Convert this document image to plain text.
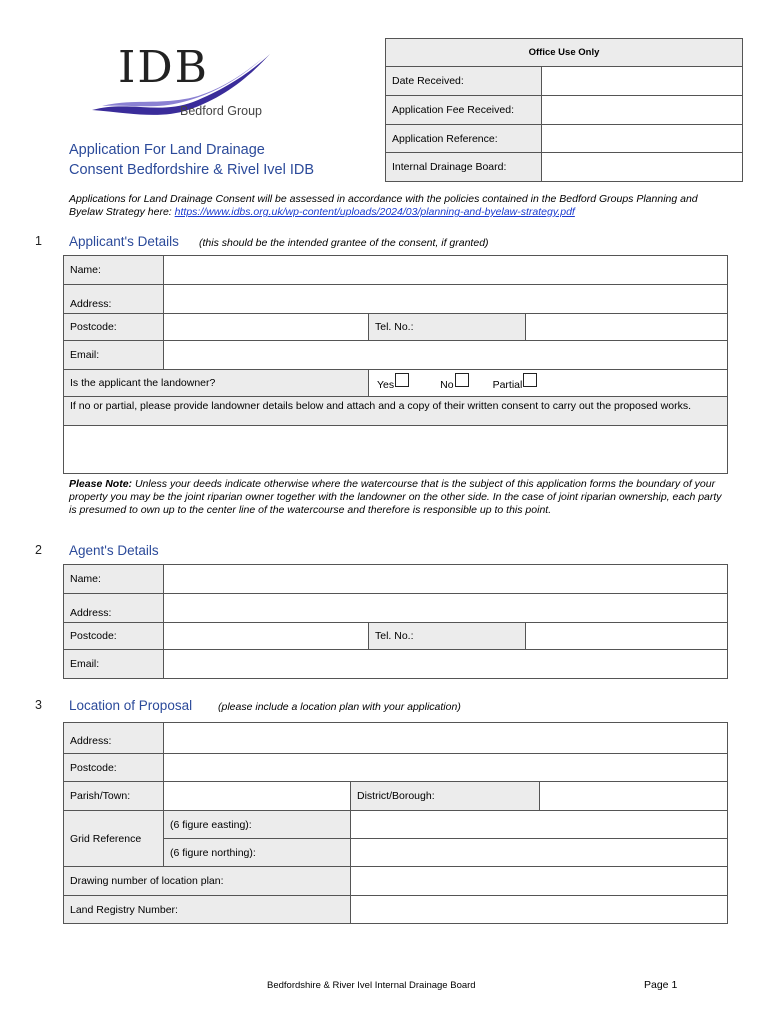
IDB
Bedford Group
Application For Land Drainage
Consent Bedfordshire & Rivel Ivel IDB
Office Use Only
Date Received:
Application Fee Received:
Application Reference:
Internal Drainage Board:
Applications for Land Drainage Consent will be assessed in accordance with the policies contained in the Bedford Groups Planning and Byelaw Strategy here: https://www.idbs.org.uk/wp-content/uploads/2024/03/planning-and-byelaw-strategy.pdf
1 Applicant's Details (this should be the intended grantee of the consent, if granted)
Name:
Address:
Postcode:	Tel. No.:
Email:
Is the applicant the landowner?	Yes	No	Partial
If no or partial, please provide landowner details below and attach and a copy of their written consent to carry out the proposed works.
Please Note: Unless your deeds indicate otherwise where the watercourse that is the subject of this application forms the boundary of your property you may be the joint riparian owner together with the landowner on the other side. In the case of joint riparian ownership, each party is presumed to own up to the center line of the watercourse and therefore is responsible up to this point.
2 Agent's Details
Name:
Address:
Postcode:	Tel. No.:
Email:
3 Location of Proposal (please include a location plan with your application)
Address:
Postcode:
Parish/Town:	District/Borough:
Grid Reference
(6 figure easting):
(6 figure northing):
Drawing number of location plan:
Land Registry Number:
Bedfordshire & River Ivel Internal Drainage Board	Page 1
